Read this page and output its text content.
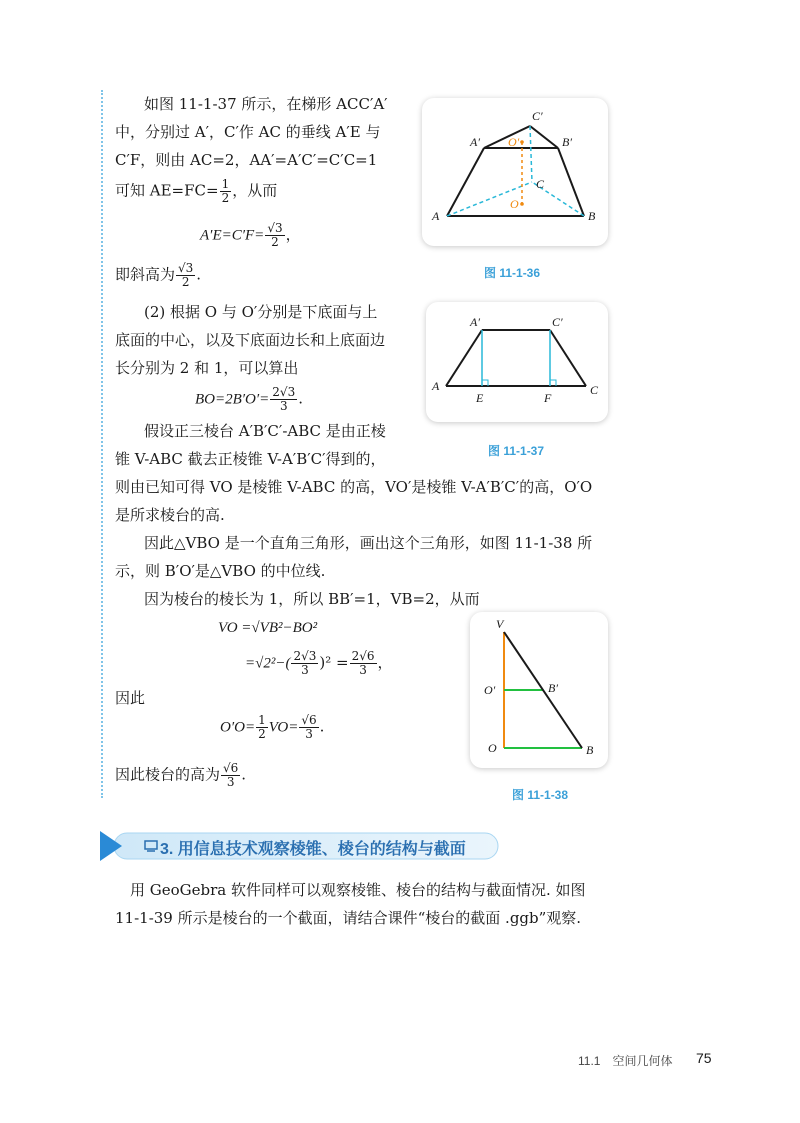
如图 11-1-37 所示，在梯形 ACC′A′
中，分别过 A′，C′作 AC 的垂线 A′E 与
C′F，则由 AC=2，AA′=A′C′=C′C=1
可知 $AE=FC= \frac{1}{2}$ ，从而
$A'E=C'F= \frac{√3}{2}$ ，
即斜高为 $\frac{√3}{2}$ .
(2) 根据 O 与 O′分别是下底面与上
底面的中心，以及下底面边长和上底面边
长分别为 2 和 1，可以算出
$BO=2B'O'= \frac{2√3}{3}$ .
假设正三棱台 A′B′C′-ABC 是由正棱
锥 V-ABC 截去正棱锥 V-A′B′C′得到的，
则由已知可得 VO 是棱锥 V-ABC 的高，VO′是棱锥 V-A′B′C′的高，O′O
是所求棱台的高.
因此△VBO 是一个直角三角形，画出这个三角形，如图 11-1-38 所
示，则 B′O′是△VBO 的中位线.
因为棱台的棱长为 1，所以 BB′=1，VB=2，从而
VO =√VB²−BO²
$=√2^2-( \frac{2√3}{3} )^2 = \frac{2√6}{3}$ ，
因此
$O'O= \frac{1}{2} VO= \frac{√6}{3}$ .
因此棱台的高为 $\frac{√6}{3}$ .
A	B
C
A′	B′
C′
O′
O
图 11-1-36
A	C
A′	C′
E	F
图 11-1-37
V
O′	B′
O	B
图 11-1-38
3. 用信息技术观察棱锥、棱台的结构与截面
用 GeoGebra 软件同样可以观察棱锥、棱台的结构与截面情况. 如图
11-1-39 所示是棱台的一个截面，请结合课件“棱台的截面 .ggb”观察.
11.1　空间几何体 75
